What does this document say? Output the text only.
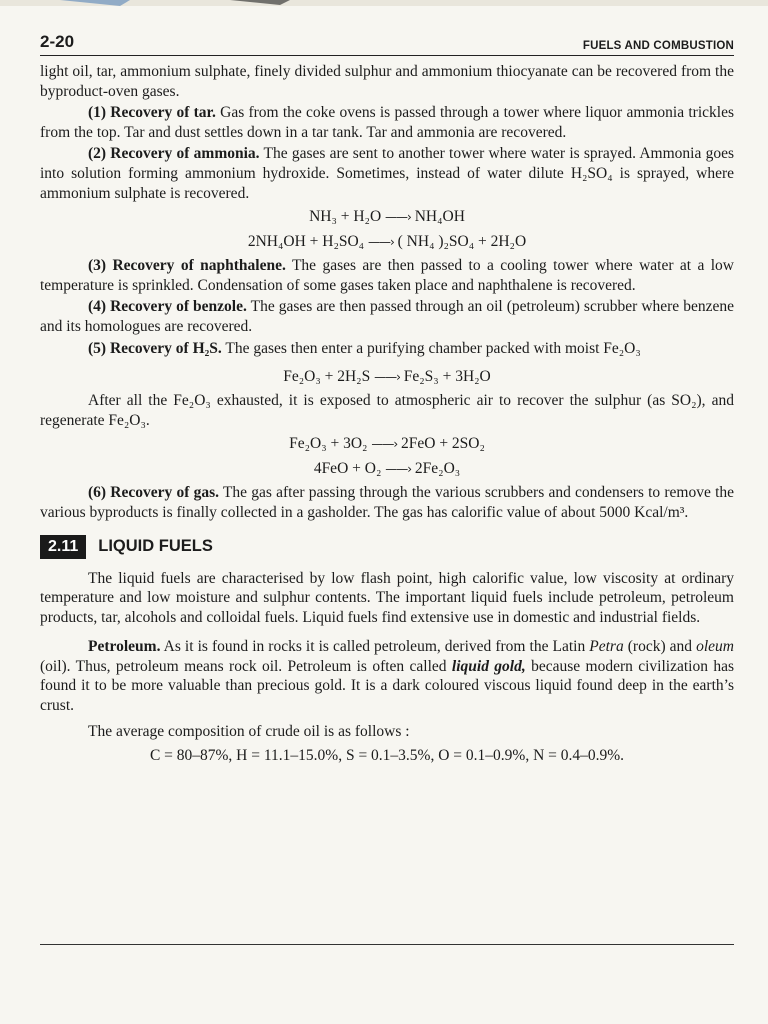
2-20	FUELS AND COMBUSTION

light oil, tar, ammonium sulphate, finely divided sulphur and ammonium thiocyanate can be recovered from the byproduct-oven gases.

(1) Recovery of tar. Gas from the coke ovens is passed through a tower where liquor ammonia trickles from the top. Tar and dust settles down in a tar tank. Tar and ammonia are recovered.

(2) Recovery of ammonia. The gases are sent to another tower where water is sprayed. Ammonia goes into solution forming ammonium hydroxide. Sometimes, instead of water dilute H₂SO₄ is sprayed, where ammonium sulphate is recovered.

NH₃ + H₂O ——› NH₄OH
2NH₄OH + H₂SO₄ ——› ( NH₄ )₂SO₄ + 2H₂O

(3) Recovery of naphthalene. The gases are then passed to a cooling tower where water at a low temperature is sprinkled. Condensation of some gases taken place and naphthalene is recovered.

(4) Recovery of benzole. The gases are then passed through an oil (petroleum) scrubber where benzene and its homologues are recovered.

(5) Recovery of H₂S. The gases then enter a purifying chamber packed with moist Fe₂O₃

Fe₂O₃ + 2H₂S ——› Fe₂S₃ + 3H₂O

After all the Fe₂O₃ exhausted, it is exposed to atmospheric air to recover the sulphur (as SO₂), and regenerate Fe₂O₃.

Fe₂O₃ + 3O₂ ——› 2FeO + 2SO₂
4FeO + O₂ ——› 2Fe₂O₃

(6) Recovery of gas. The gas after passing through the various scrubbers and condensers to remove the various byproducts is finally collected in a gasholder. The gas has calorific value of about 5000 Kcal/m³.

2.11	LIQUID FUELS

The liquid fuels are characterised by low flash point, high calorific value, low viscosity at ordinary temperature and low moisture and sulphur contents. The important liquid fuels include petroleum, petroleum products, tar, alcohols and colloidal fuels. Liquid fuels find extensive use in domestic and industrial fields.

Petroleum. As it is found in rocks it is called petroleum, derived from the Latin Petra (rock) and oleum (oil). Thus, petroleum means rock oil. Petroleum is often called liquid gold, because modern civilization has found it to be more valuable than precious gold. It is a dark coloured viscous liquid found deep in the earth’s crust.

The average composition of crude oil is as follows :

C = 80–87%, H = 11.1–15.0%, S = 0.1–3.5%, O = 0.1–0.9%, N = 0.4–0.9%.
